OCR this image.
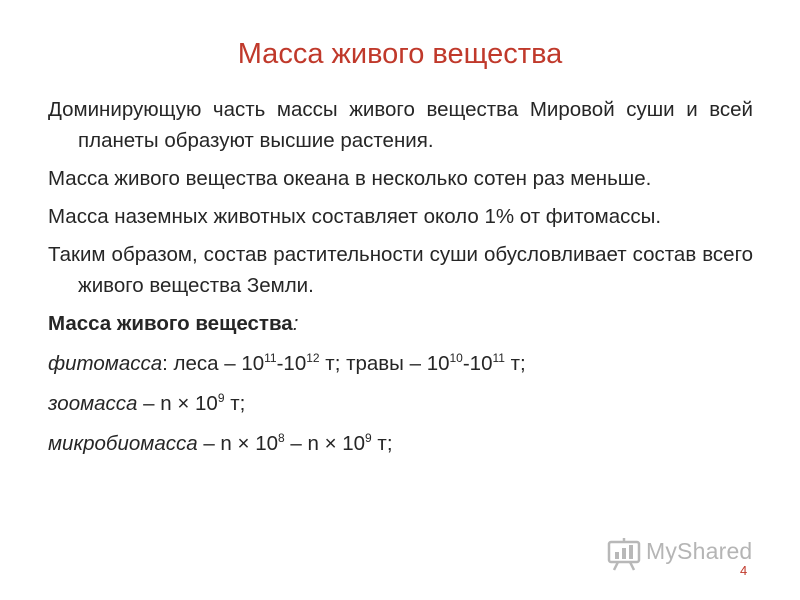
Масса живого вещества

Доминирующую часть массы живого вещества Мировой суши и всей планеты образуют высшие растения.

Масса живого вещества океана в несколько сотен раз меньше.

Масса наземных животных составляет около 1% от фитомассы.

Таким образом, состав растительности суши обусловливает состав всего живого вещества Земли.

Масса живого вещества:
фитомасса: леса – $10^{11}-10^{12}$ т; травы – $10^{10}-10^{11}$ т;
зоомасса – $n \times 10^9$ т;
микробиомасса – $n \times 10^8 - n \times 10^9$ т;
MyShared
4
